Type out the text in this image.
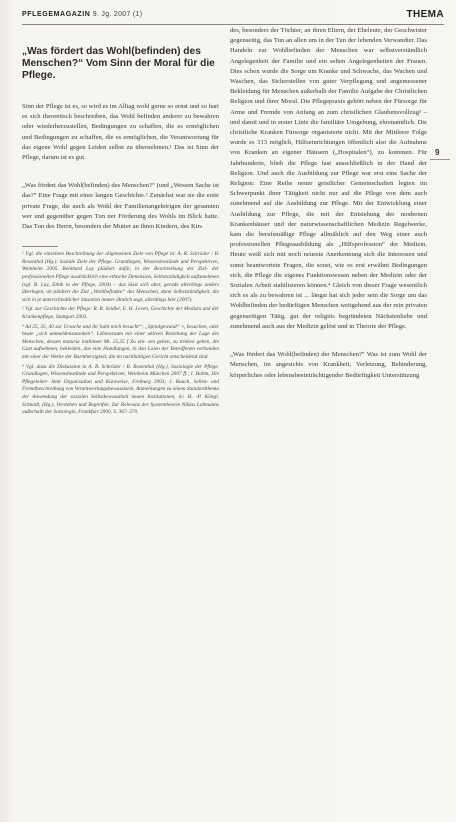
PFLEGEMAGAZIN 9. Jg. 2007 (1)	THEMA
9
„Was fördert das Wohl(befinden) des Menschen?“ Vom Sinn der Moral für die Pflege.

Sinn der Pflege ist es, so wird es im Alltag wohl gerne so ernst und so hart es sich theoretisch beschreiben, das Wohl befinden anderer zu bewahren oder wiederherzustellen, Bedingungen zu schaffen, die es ermöglichen und Bedingungen zu schaffen, die es ermöglichen, die Verantwortung für das eigene Wohl gegen Leiden selbst zu übernehmen.¹ Das ist Sinn der Pflege, darum ist es gut.

„Was fördert das Wohl(befinden) des Menschen?“ (und „Wessen Sache ist das?“ Eine Frage mit einer langen Geschichte.² Zunächst war sie die erste private Frage, die auch als Wohl der Familienangehörigen der gesamten wer und gegenüber gegen Tun ner Förderung des Wohls im Blick hatte. Das Tun des Herrn, besonders der Mutter an ihren Kindern, des Kin-

¹ Vgl. die einzelnen Beschreibung der allgemeinen Ziele von Pflege in: A. R. Schröder / B. Rosenthal (Hg.): Soziale Ziele der Pflege. Grundlagen, Wissensbestände und Perspektiven, Weinheim 2005. Reinhard Lay plädiert dafür, in der Beschreibung der Ziel- der professionellen Pflege ausdrücklich eine ethische Dimension, Selbstständigkeit aufzunehmen (vgl. R. Lay, Ethik in der Pflege, 2004) – das lässt sich aber, gerade allerdings anders überlegen, ob plädiert die Ziel „Wohlbefinden“ des Menschen, dann Selbstständigkeit, die sich in je unterschiedlicher Situation immer ähnlich sagt, allerdings hier (2007).

² Vgl. zur Geschichte der Pflege: R. R. Seidler, E. H. Leven, Geschichte der Medizin und der Krankenpflege, Stuttgart 2003.

³ Ad 25, 35, 40 zur Ursache und ihr habt mich besucht“; „Spitalgewand“ ≈, besuchen, oder heute „sich ummeldenzutanken“. Lebensraum mit einer aktiven Beziehung der Lage des Menschen, dessen maturia innlinnen Mt. 25,35 f Zu ein- sen geben, zu trinken geben, die Gast aufnehmen, bekleiden, das eine Handlungen, in den Laien der Betroffenen verbunden mit einer der Werke der Barmherzigkeit, die im nachhaltigen Gericht entscheidend sind.

⁴ Vgl. dazu die Diskussion in A. R. Schröder / B. Rosenthal (Hg.), Soziologie der Pflege. Grundlagen, Wissensbestände und Perspektiven, Weinheim München 2007 ff.; I. Hohm, Die Pflegeleiter- hmit Organisation und Kurzweise, Freiburg 2003; J. Bauch, Selbst- und Fremdbeschreibung von Verantwortungsbewusstsein, Anmerkungen zu einem Standardthema der Anwendung der sozialen Selbstbewusstheit neuen Institutionen, in: H. -P. Köngl, Schmidt, (Hg.), Verstehen und Begreifen. Zur Relevanz der Systemtheorie Niklas Luhmanns außerhalb der Soziologie, Frankfurt 2000, S. 367–370.

des, besonders der Töchter, an ihren Eltern, der Eheleute, der Geschwister gegenseitig, das Tun an allen um in der Tun der lebenden Verwandter. Das Handeln zur Wohlbefinden der Menschen war selbstverständlich Angelegenheit der Familie und ein selten Angelegenheiten der Frauen. Dies schon wurde die Sorge um Kranke und Schwache, das Wachen und Waschen, das Sicherstellen von guter Verpflegung und angemessener Bekleidung für Menschen außerhalb der Familie Aufgabe der Christlichen Religion und ihrer Moral. Die Pflegepraxis gehört neben der Fürsorge für Arme und Fremde von Anfang an zum christlichen Glaubensvollzug³ – und damit und in erster Linie die familiäre Umgebung, ehrenamtlich. Die christliche Kranken Fürsorge organisierte nicht. Mit der Mittlerer Folge wurde es 313 möglich, Hilfseinrichtungen öffentlich also die Aufnahme von Kranken an eigener Häusern („Hospitalen“), zu kommen. Für Jahrhunderte, blieb die Pflege fast ausschließlich in der Hand der Religion. Und auch die Ausbildung zur Pflege war erst eine Sache der Religion: Eine Reihe neuer geistlicher Gemeinschaften legten im Schwerpunkt ihrer Tätigkeit nicht nur auf die Pflege von dem auch zunehmend auf die Ausbildung zur Pflege. Mit der Entwicklung einer Ausbildung zur Pflege, die mit der Entstehung der modernen Krankenhäuser und der naturwissenschaftlichen Medizin Regelwerke, kam die berufsmäßige Pflege allmählich auf den Weg einer auch professionellen Pflegeausbildung als „Hilfsprofession“ der Medizin. Heute weiß sich mit noch neueste Anerkennung sich die Interessen und sonst beantwortete Fragen, die sonst, wie es erst erwähnt Bedingungen sich, die Pflege die eigenes Funktionswesen neben der Medizin oder der Sozialen Arbeit stabilisieren können.⁴ Gleich von dieser Frage wesentlich sich es als zu bewahren ist ... längst hat sich jeder sein die Sorge um das Wohlbefinden der bedürftigen Menschen weitgehend aus der rein privaten gegenseitigen Tätig, gut der religiös begründeten Nächstenliebe und zunehmend auch aus der Medizin gelöst und in Theorie der Pflege.

„Was fördert das Wohl(befinden) der Menschen?“ Was ist zum Wohl der Menschen, im angesichts von Krankheit, Verletzung, Behinderung, körperliches oder lebensbeeinträchtigender Bedürftigkeit Unterstützung
